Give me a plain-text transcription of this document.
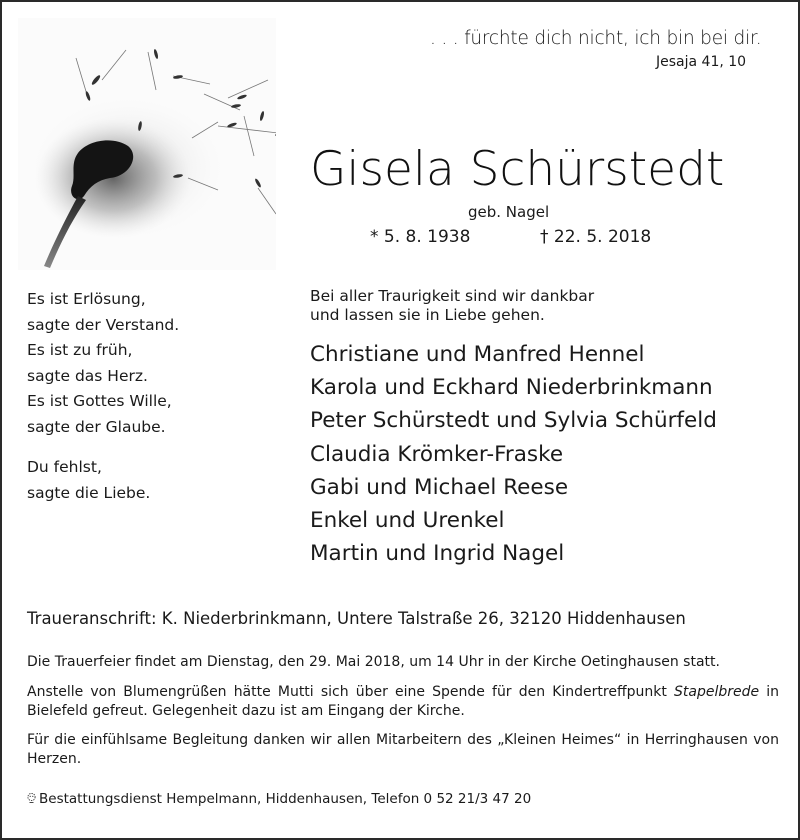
. . . fürchte dich nicht, ich bin bei dir.
Jesaja 41, 10
Gisela Schürstedt
geb. Nagel
* 5. 8. 1938	† 22. 5. 2018
Es ist Erlösung,
sagte der Verstand.
Es ist zu früh,
sagte das Herz.
Es ist Gottes Wille,
sagte der Glaube.
Du fehlst,
sagte die Liebe.
Bei aller Traurigkeit sind wir dankbar
und lassen sie in Liebe gehen.
Christiane und Manfred Hennel
Karola und Eckhard Niederbrinkmann
Peter Schürstedt und Sylvia Schürfeld
Claudia Krömker-Fraske
Gabi und Michael Reese
Enkel und Urenkel
Martin und Ingrid Nagel
Traueranschrift: K. Niederbrinkmann, Untere Talstraße 26, 32120 Hiddenhausen
Die Trauerfeier findet am Dienstag, den 29. Mai 2018, um 14 Uhr in der Kirche Oetinghausen statt.
Anstelle von Blumengrüßen hätte Mutti sich über eine Spende für den Kindertreffpunkt Stapelbrede in Bielefeld gefreut. Gelegenheit dazu ist am Eingang der Kirche.
Für die einfühlsame Begleitung danken wir allen Mitarbeitern des „Kleinen Heimes“ in Herringhausen von Herzen.
Bestattungsdienst Hempelmann, Hiddenhausen, Telefon 0 52 21/3 47 20
